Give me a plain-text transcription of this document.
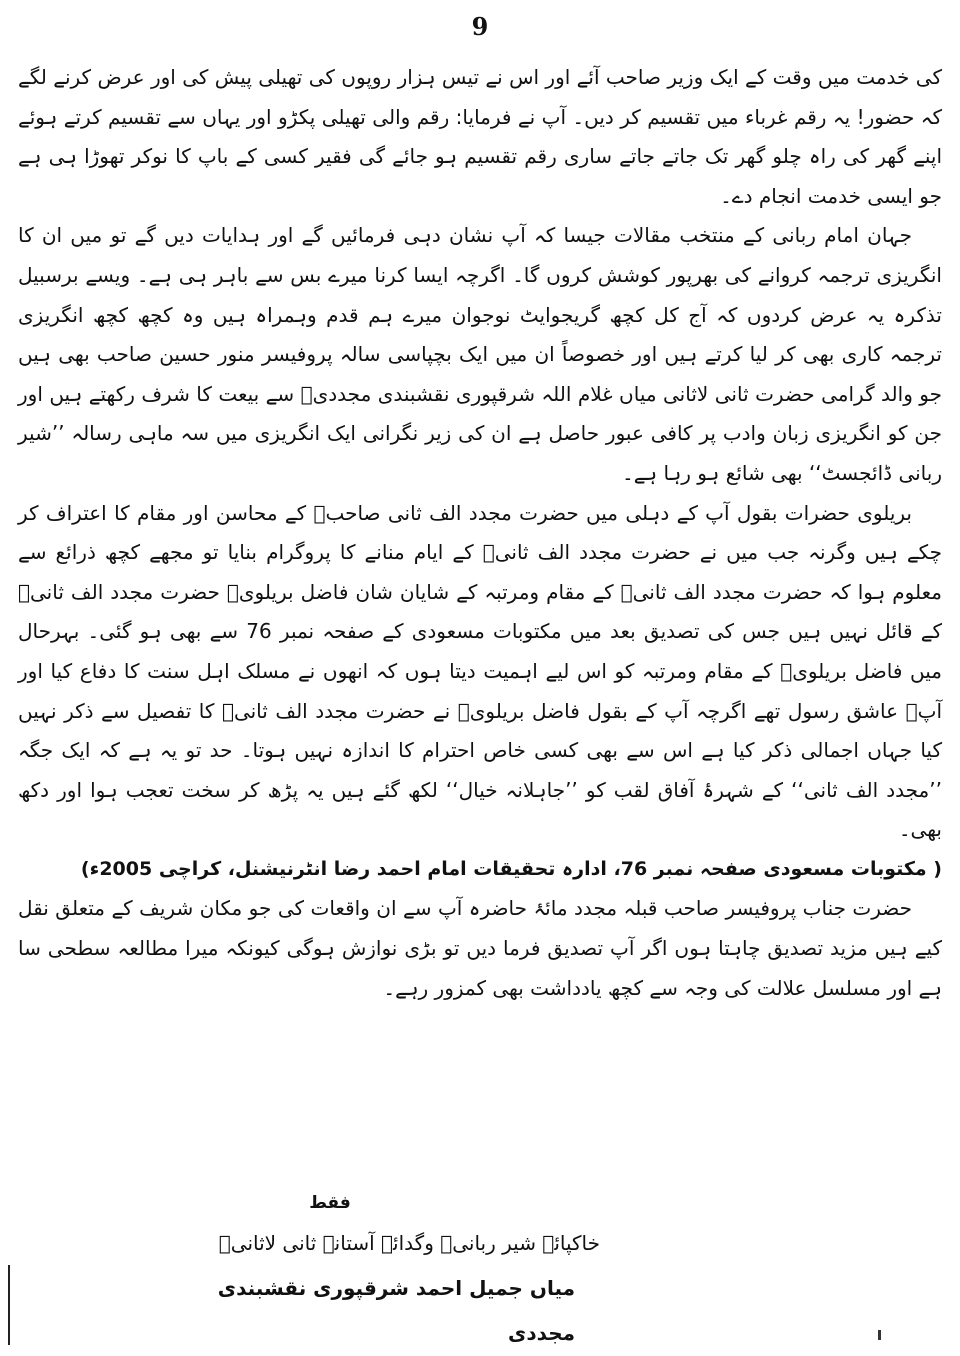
9

کی خدمت میں وقت کے ایک وزیر صاحب آئے اور اس نے تیس ہزار روپوں کی تھیلی پیش کی اور عرض کرنے لگے کہ حضور! یہ رقم غرباء میں تقسیم کر دیں۔ آپ نے فرمایا: رقم والی تھیلی پکڑو اور یہاں سے تقسیم کرتے ہوئے اپنے گھر کی راہ چلو گھر تک جاتے جاتے ساری رقم تقسیم ہو جائے گی فقیر کسی کے باپ کا نوکر تھوڑا ہی ہے جو ایسی خدمت انجام دے۔

جہان امام ربانی کے منتخب مقالات جیسا کہ آپ نشان دہی فرمائیں گے اور ہدایات دیں گے تو میں ان کا انگریزی ترجمہ کروانے کی بھرپور کوشش کروں گا۔ اگرچہ ایسا کرنا میرے بس سے باہر ہی ہے۔ ویسے برسبیل تذکرہ یہ عرض کردوں کہ آج کل کچھ گریجوایٹ نوجوان میرے ہم قدم وہمراہ ہیں وہ کچھ کچھ انگریزی ترجمہ کاری بھی کر لیا کرتے ہیں اور خصوصاً ان میں ایک بچپاسی سالہ پروفیسر منور حسین صاحب بھی ہیں جو والد گرامی حضرت ثانی لاثانی میاں غلام اللہ شرقپوری نقشبندی مجددیؒ سے بیعت کا شرف رکھتے ہیں اور جن کو انگریزی زبان وادب پر کافی عبور حاصل ہے ان کی زیر نگرانی ایک انگریزی میں سہ ماہی رسالہ ’’شیر ربانی ڈائجسٹ‘‘ بھی شائع ہو رہا ہے۔

بریلوی حضرات بقول آپ کے دہلی میں حضرت مجدد الف ثانی صاحبؒ کے محاسن اور مقام کا اعتراف کر چکے ہیں وگرنہ جب میں نے حضرت مجدد الف ثانیؒ کے ایام منانے کا پروگرام بنایا تو مجھے کچھ ذرائع سے معلوم ہوا کہ حضرت مجدد الف ثانیؒ کے مقام ومرتبہ کے شایان شان فاضل بریلویؒ حضرت مجدد الف ثانیؒ کے قائل نہیں ہیں جس کی تصدیق بعد میں مکتوبات مسعودی کے صفحہ نمبر 76 سے بھی ہو گئی۔ بہرحال میں فاضل بریلویؒ کے مقام ومرتبہ کو اس لیے اہمیت دیتا ہوں کہ انھوں نے مسلک اہل سنت کا دفاع کیا اور آپؒ عاشق رسول تھے اگرچہ آپ کے بقول فاضل بریلویؒ نے حضرت مجدد الف ثانیؒ کا تفصیل سے ذکر نہیں کیا جہاں اجمالی ذکر کیا ہے اس سے بھی کسی خاص احترام کا اندازہ نہیں ہوتا۔ حد تو یہ ہے کہ ایک جگہ ’’مجدد الف ثانی‘‘ کے شہرۂ آفاق لقب کو ’’جاہلانہ خیال‘‘ لکھ گئے ہیں یہ پڑھ کر سخت تعجب ہوا اور دکھ بھی۔

( مکتوبات مسعودی صفحہ نمبر 76، ادارہ تحقیقات امام احمد رضا انٹرنیشنل، کراچی 2005ء)

حضرت جناب پروفیسر صاحب قبلہ مجدد مائۂ حاضرہ آپ سے ان واقعات کی جو مکان شریف کے متعلق نقل کیے ہیں مزید تصدیق چاہتا ہوں اگر آپ تصدیق فرما دیں تو بڑی نوازش ہوگی کیونکہ میرا مطالعہ سطحی سا ہے اور مسلسل علالت کی وجہ سے کچھ یادداشت بھی کمزور رہے۔

فقط
خاکپائے شیر ربانیؒ وگدائے آستانہ ثانی لاثانیؒ
میاں جمیل احمد شرقپوری نقشبندی مجددی
